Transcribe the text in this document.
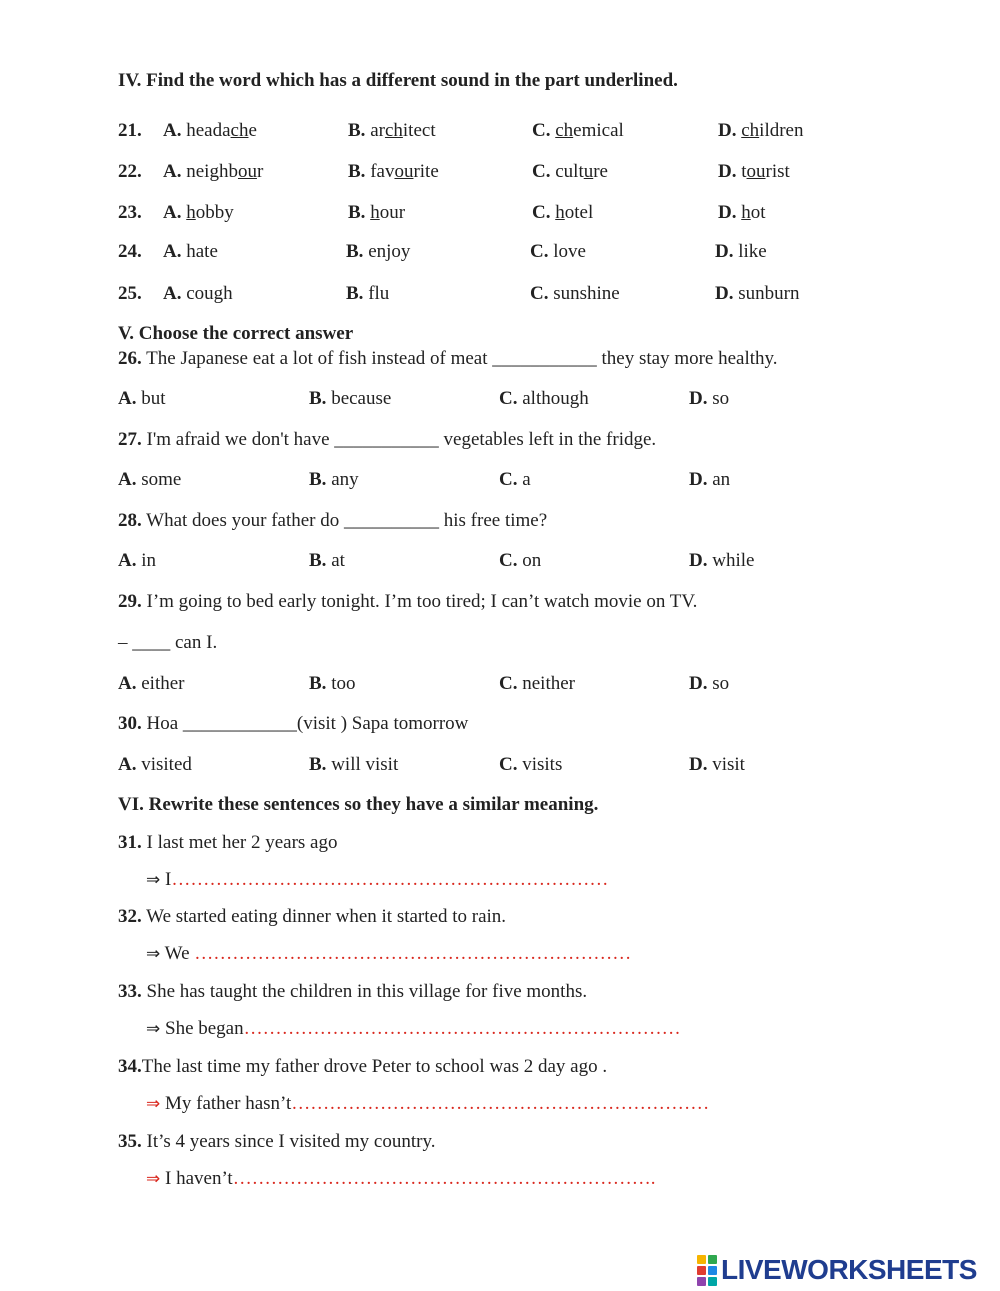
IV. Find the word which has a different sound in the part underlined.
21. A. headache	B. architect	C. chemical	D. children
22. A. neighbour	B. favourite	C. culture	D. tourist
23. A. hobby	B. hour	C. hotel	D. hot
24. A. hate	B. enjoy	C. love	D. like
25. A. cough	B. flu	C. sunshine	D. sunburn
V. Choose the correct answer
26. The Japanese eat a lot of fish instead of meat ___________ they stay more healthy.
A. but	B. because	C. although	D. so
27. I'm afraid we don't have ___________ vegetables left in the fridge.
A. some	B. any	C. a	D. an
28. What does your father do __________ his free time?
A. in	B. at	C. on	D. while
29. I’m going to bed early tonight. I’m too tired; I can’t watch movie on TV.
– ____ can I.
A. either	B. too	C. neither	D. so
30. Hoa ____________(visit ) Sapa tomorrow
A. visited	B. will visit	C. visits	D. visit
VI. Rewrite these sentences so they have a similar meaning.
31. I last met her 2 years ago
⇒ I……………………………………………………………
32. We started eating dinner when it started to rain.
⇒ We ……………………………………………………………
33. She has taught the children in this village for five months.
⇒ She began……………………………………………………………
34.The last time my father drove Peter to school was 2 day ago .
⇒ My father hasn’t…………………………………………………………
35. It’s 4 years since I visited my country.
⇒ I haven’t………………………………………………………….
LIVEWORKSHEETS
